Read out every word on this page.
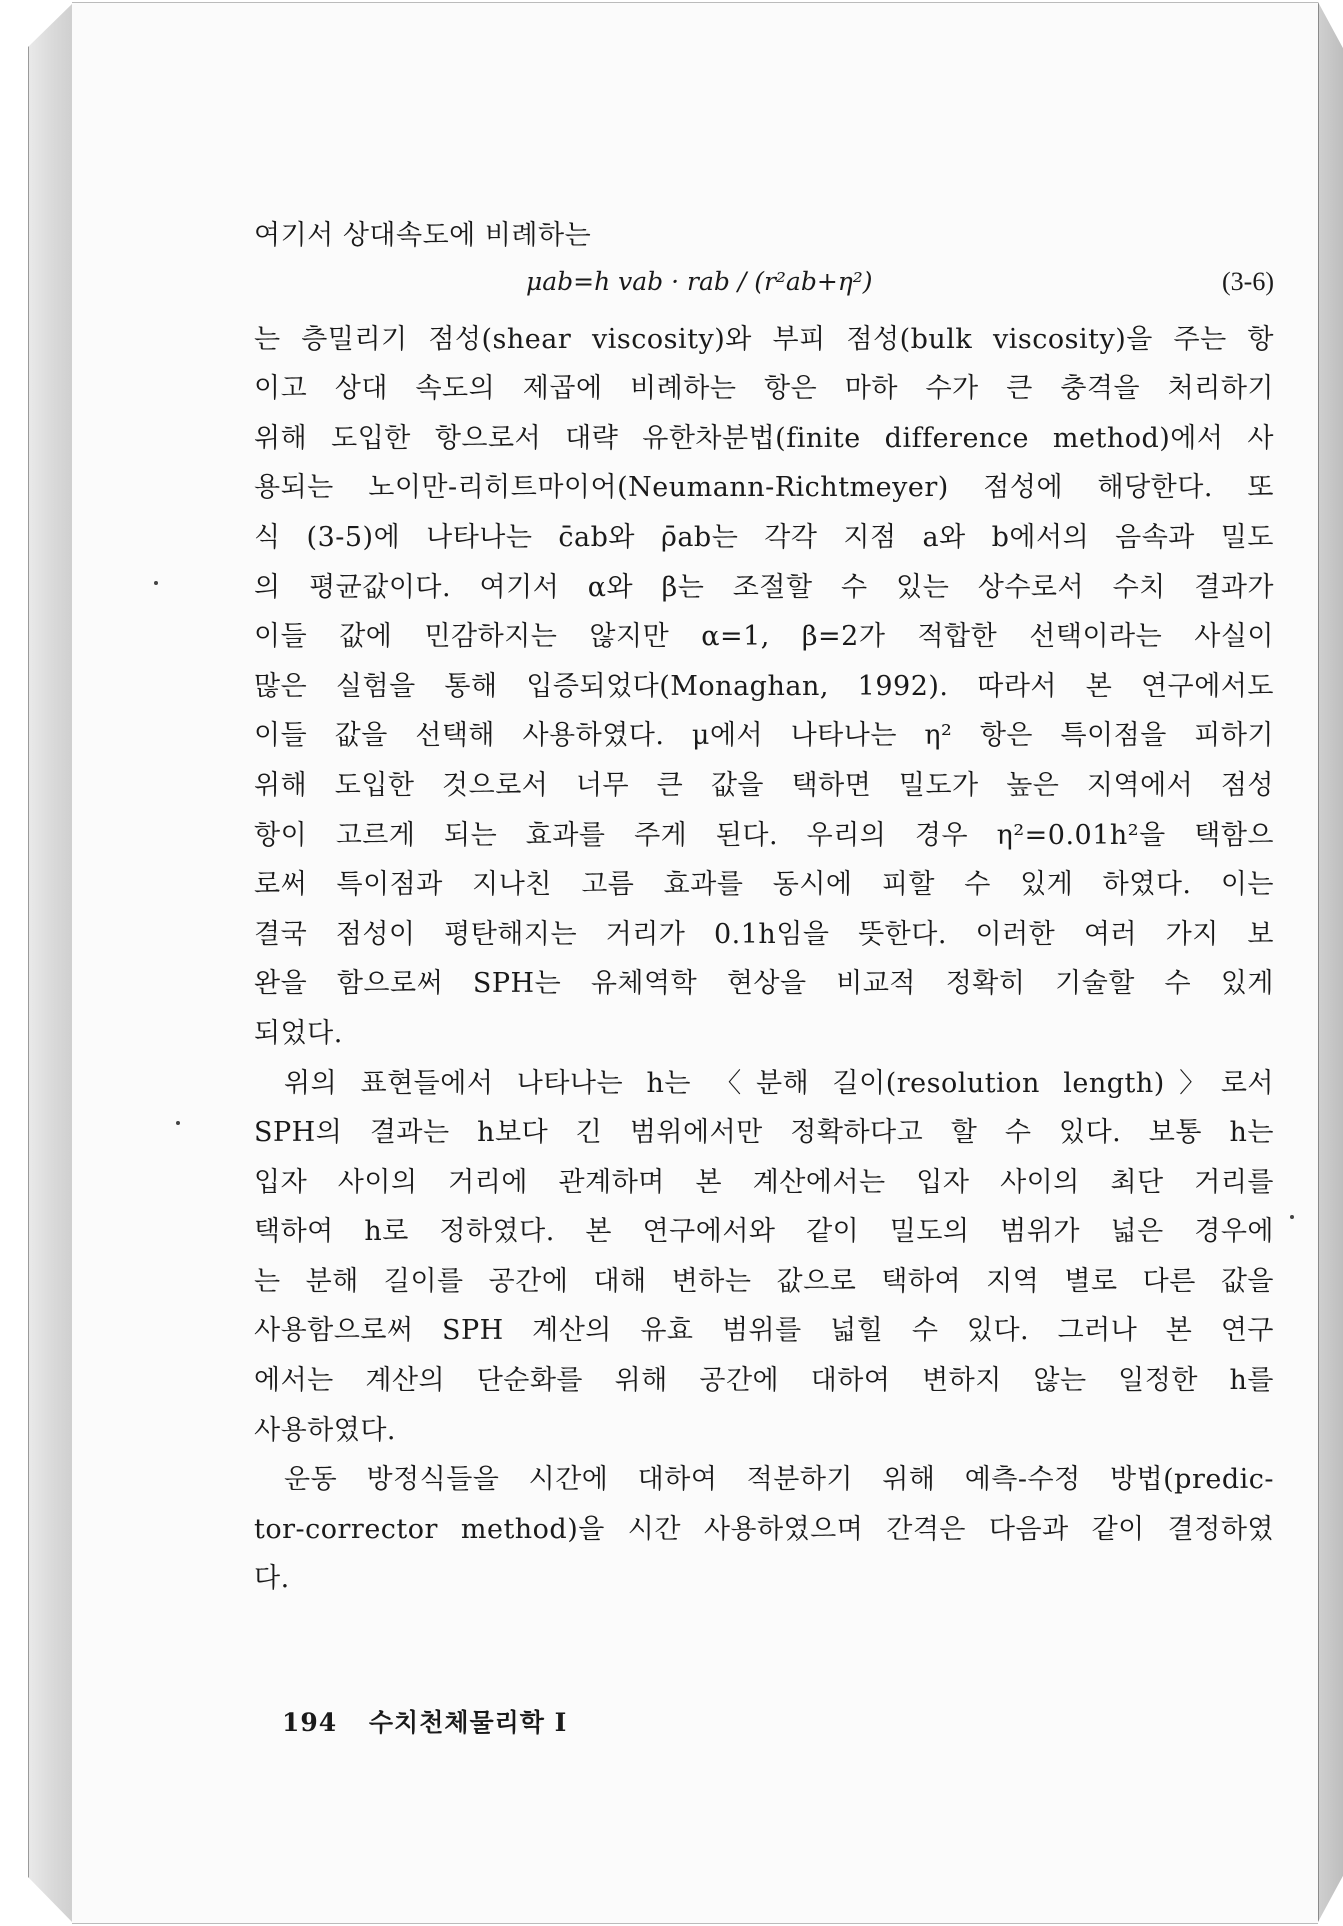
여기서 상대속도에 비례하는
μab=h vab · rab / (r²ab+η²)	(3-6)
는 층밀리기 점성(shear viscosity)와 부피 점성(bulk viscosity)을 주는 항
이고 상대 속도의 제곱에 비례하는 항은 마하 수가 큰 충격을 처리하기
위해 도입한 항으로서 대략 유한차분법(finite difference method)에서 사
용되는 노이만-리히트마이어(Neumann-Richtmeyer) 점성에 해당한다. 또
식 (3-5)에 나타나는 c̄ab와 ρ̄ab는 각각 지점 a와 b에서의 음속과 밀도
의 평균값이다. 여기서 α와 β는 조절할 수 있는 상수로서 수치 결과가
이들 값에 민감하지는 않지만 α=1, β=2가 적합한 선택이라는 사실이
많은 실험을 통해 입증되었다(Monaghan, 1992). 따라서 본 연구에서도
이들 값을 선택해 사용하였다. μ에서 나타나는 η² 항은 특이점을 피하기
위해 도입한 것으로서 너무 큰 값을 택하면 밀도가 높은 지역에서 점성
항이 고르게 되는 효과를 주게 된다. 우리의 경우 η²=0.01h²을 택함으
로써 특이점과 지나친 고름 효과를 동시에 피할 수 있게 하였다. 이는
결국 점성이 평탄해지는 거리가 0.1h임을 뜻한다. 이러한 여러 가지 보
완을 함으로써 SPH는 유체역학 현상을 비교적 정확히 기술할 수 있게
되었다.
위의 표현들에서 나타나는 h는 〈분해 길이(resolution length)〉로서
SPH의 결과는 h보다 긴 범위에서만 정확하다고 할 수 있다. 보통 h는
입자 사이의 거리에 관계하며 본 계산에서는 입자 사이의 최단 거리를
택하여 h로 정하였다. 본 연구에서와 같이 밀도의 범위가 넓은 경우에
는 분해 길이를 공간에 대해 변하는 값으로 택하여 지역 별로 다른 값을
사용함으로써 SPH 계산의 유효 범위를 넓힐 수 있다. 그러나 본 연구
에서는 계산의 단순화를 위해 공간에 대하여 변하지 않는 일정한 h를
사용하였다.
운동 방정식들을 시간에 대하여 적분하기 위해 예측-수정 방법(predic-
tor-corrector method)을 시간 사용하였으며 간격은 다음과 같이 결정하였
다.
194 수치천체물리학 Ⅰ
